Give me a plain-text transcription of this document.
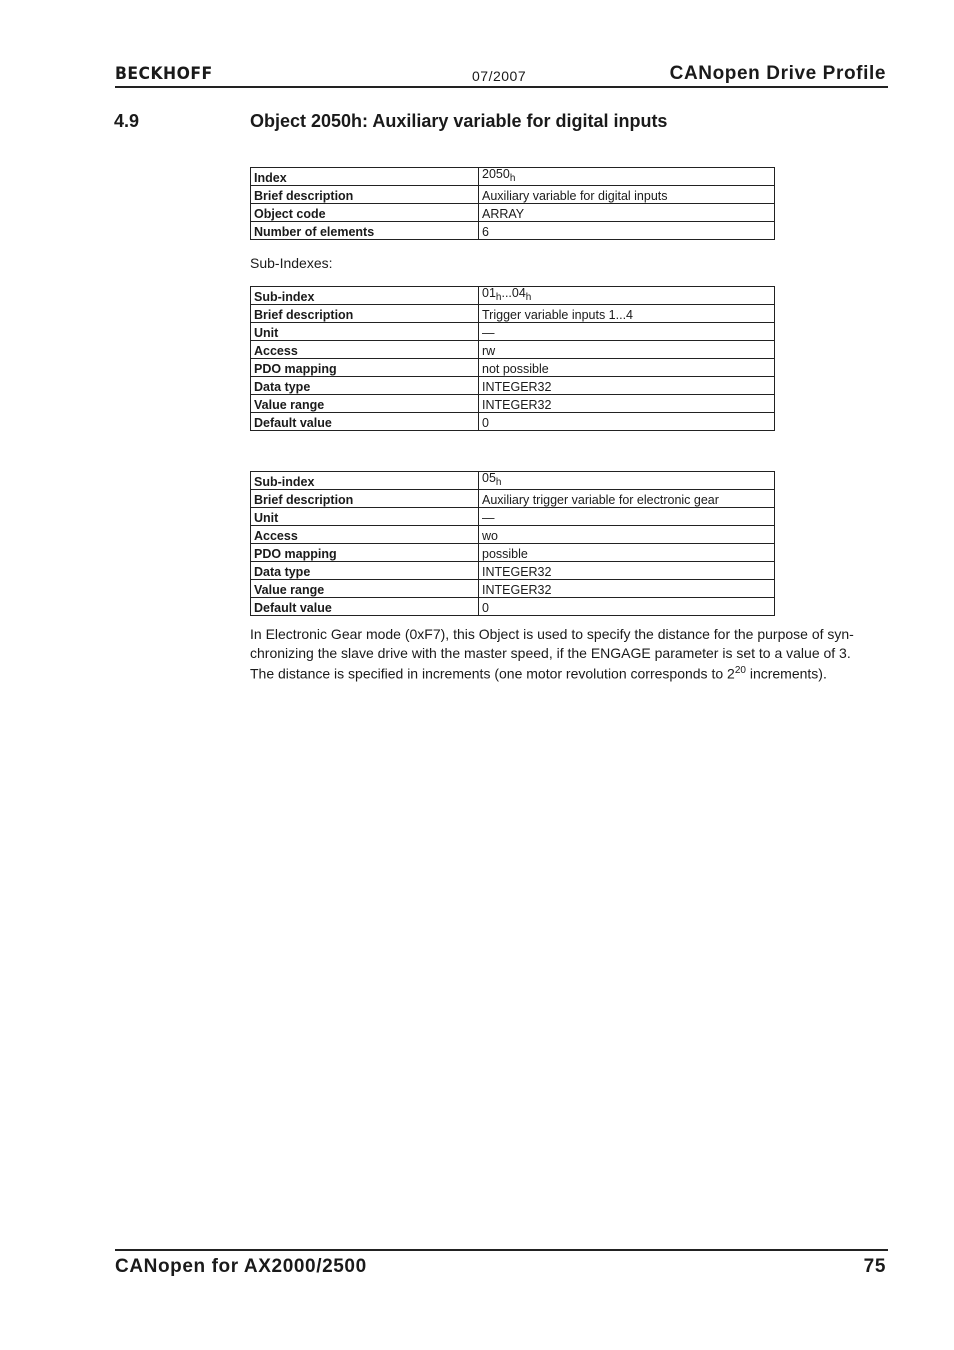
BECKHOFF	07/2007	CANopen Drive Profile
4.9	Object 2050h: Auxiliary variable for digital inputs
Index	$2050_h$
Brief description	Auxiliary variable for digital inputs
Object code	ARRAY
Number of elements	6
Sub-Indexes:
Sub-index	$01_h...04_h$
Brief description	Trigger variable inputs 1...4
Unit	—
Access	rw
PDO mapping	not possible
Data type	INTEGER32
Value range	INTEGER32
Default value	0
Sub-index	$05_h$
Brief description	Auxiliary trigger variable for electronic gear
Unit	—
Access	wo
PDO mapping	possible
Data type	INTEGER32
Value range	INTEGER32
Default value	0
In Electronic Gear mode (0xF7), this Object is used to specify the distance for the purpose of syn-
chronizing the slave drive with the master speed, if the ENGAGE parameter is set to a value of 3.
The distance is specified in increments (one motor revolution corresponds to $2^{20}$ increments).
CANopen for AX2000/2500	75
